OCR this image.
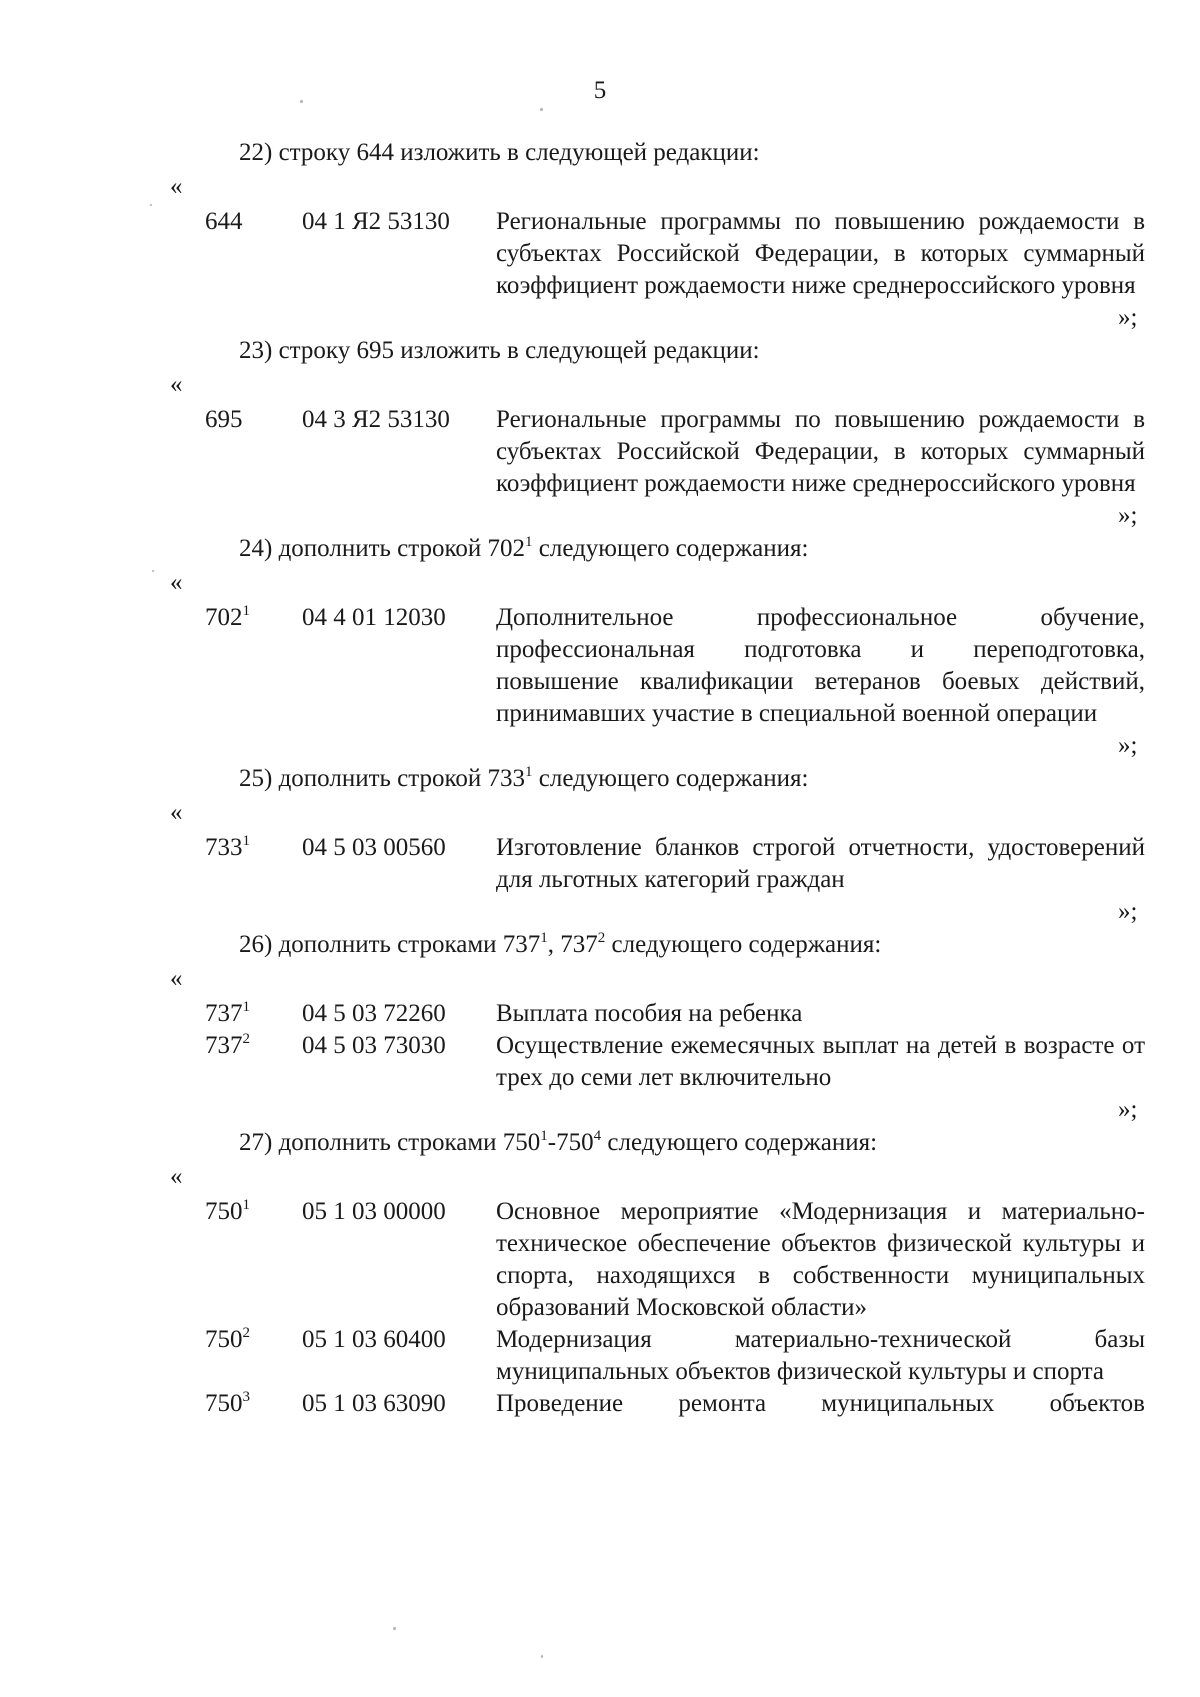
5
22) строку 644 изложить в следующей редакции:
«
644 04 1 Я2 53130 Региональные программы по повышению рождаемости в субъектах Российской Федерации, в которых суммарный коэффициент рождаемости ниже среднероссийского уровня
»;
23) строку 695 изложить в следующей редакции:
«
695 04 3 Я2 53130 Региональные программы по повышению рождаемости в субъектах Российской Федерации, в которых суммарный коэффициент рождаемости ниже среднероссийского уровня
»;
24) дополнить строкой $702^1$ следующего содержания:
«
$702^1$ 04 4 01 12030 Дополнительное профессиональное обучение, профессиональная подготовка и переподготовка, повышение квалификации ветеранов боевых действий, принимавших участие в специальной военной операции
»;
25) дополнить строкой $733^1$ следующего содержания:
«
$733^1$ 04 5 03 00560 Изготовление бланков строгой отчетности, удостоверений для льготных категорий граждан
»;
26) дополнить строками $737^1$, $737^2$ следующего содержания:
«
$737^1$ 04 5 03 72260 Выплата пособия на ребенка
$737^2$ 04 5 03 73030 Осуществление ежемесячных выплат на детей в возрасте от трех до семи лет включительно
»;
27) дополнить строками $750^1-750^4$ следующего содержания:
«
$750^1$ 05 1 03 00000 Основное мероприятие «Модернизация и материально-техническое обеспечение объектов физической культуры и спорта, находящихся в собственности муниципальных образований Московской области»
$750^2$ 05 1 03 60400 Модернизация материально-технической базы муниципальных объектов физической культуры и спорта
$750^3$ 05 1 03 63090 Проведение ремонта муниципальных объектов
